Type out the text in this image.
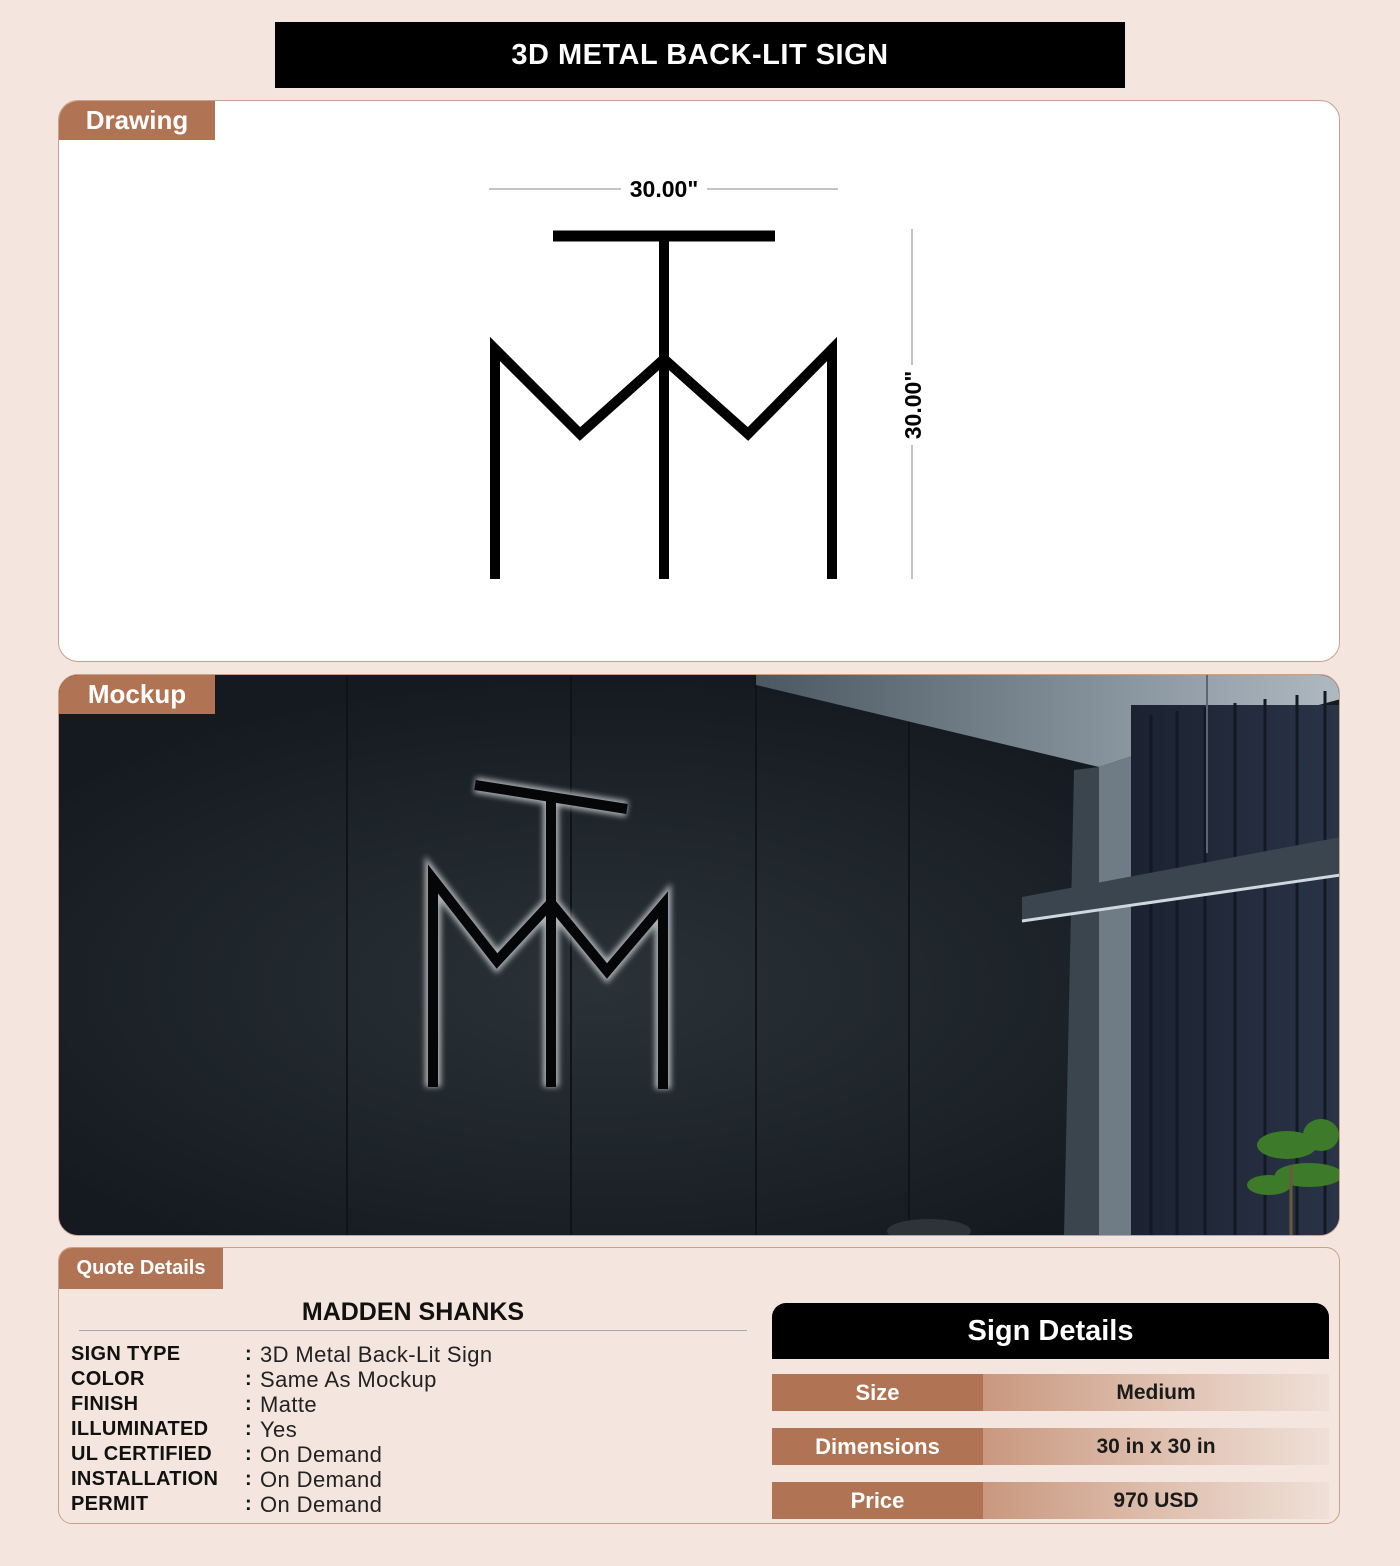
3D METAL BACK-LIT SIGN
Drawing
30.00"
30.00"
Mockup
Quote Details
MADDEN SHANKS
SIGN TYPE	: 3D Metal Back-Lit Sign
COLOR	: Same As Mockup
FINISH	: Matte
ILLUMINATED	: Yes
UL CERTIFIED	: On Demand
INSTALLATION	: On Demand
PERMIT	: On Demand
Sign Details
Size	Medium
Dimensions	30 in x 30 in
Price	970 USD
